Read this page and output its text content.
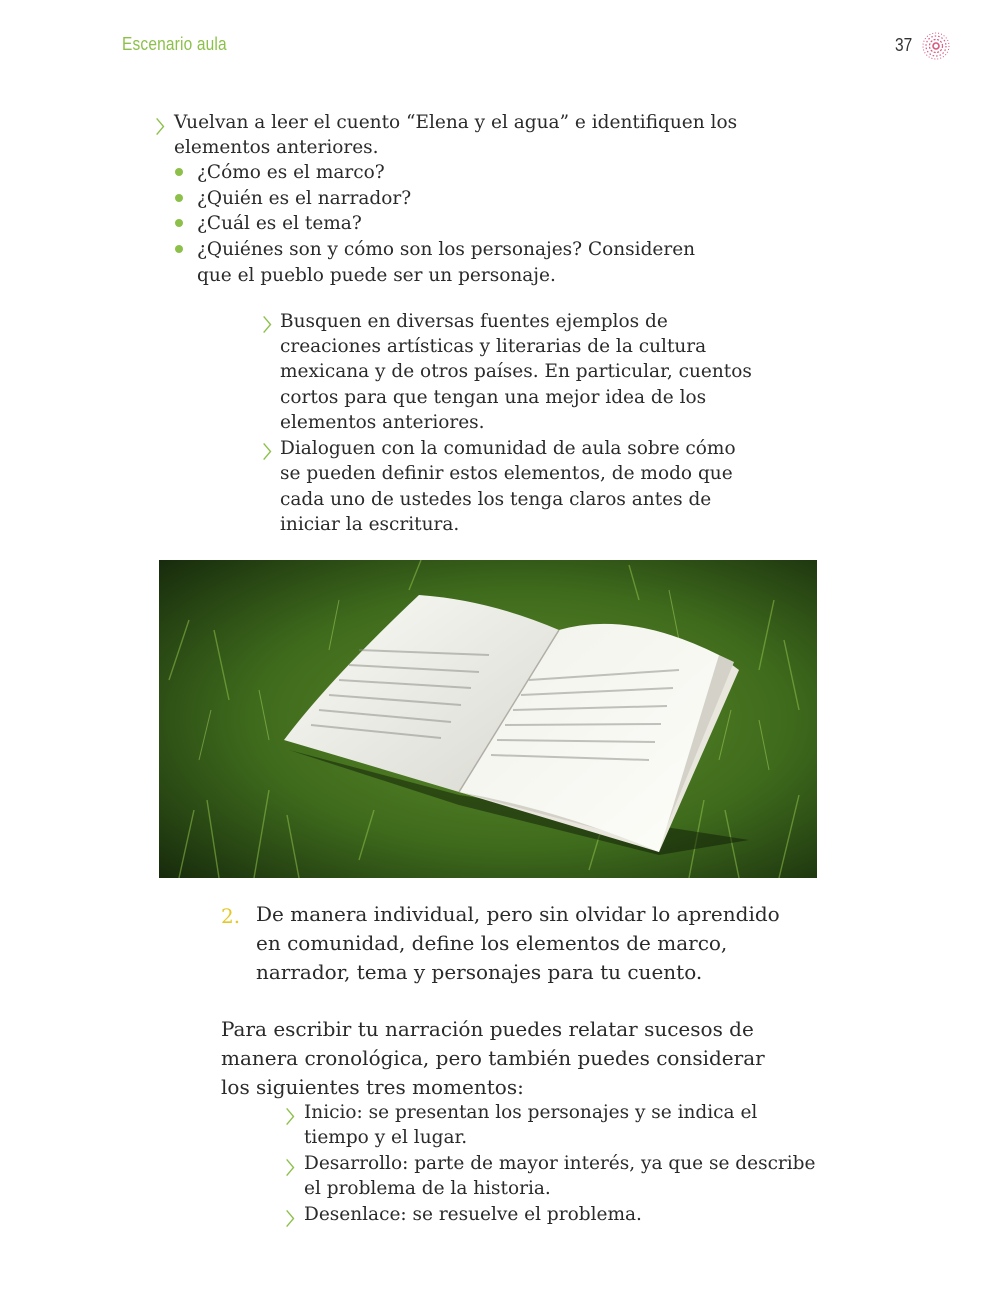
Escenario aula	37
〉 Vuelvan a leer el cuento “Elena y el agua” e identifiquen los
elementos anteriores.
¿Cómo es el marco?
¿Quién es el narrador?
¿Cuál es el tema?
¿Quiénes son y cómo son los personajes? Consideren
que el pueblo puede ser un personaje.
〉 Busquen en diversas fuentes ejemplos de
creaciones artísticas y literarias de la cultura
mexicana y de otros países. En particular, cuentos
cortos para que tengan una mejor idea de los
elementos anteriores.
〉 Dialoguen con la comunidad de aula sobre cómo
se pueden definir estos elementos, de modo que
cada uno de ustedes los tenga claros antes de
iniciar la escritura.
2. De manera individual, pero sin olvidar lo aprendido
en comunidad, define los elementos de marco,
narrador, tema y personajes para tu cuento.
Para escribir tu narración puedes relatar sucesos de
manera cronológica, pero también puedes considerar
los siguientes tres momentos:
〉 Inicio: se presentan los personajes y se indica el
tiempo y el lugar.
〉 Desarrollo: parte de mayor interés, ya que se describe
el problema de la historia.
〉 Desenlace: se resuelve el problema.
